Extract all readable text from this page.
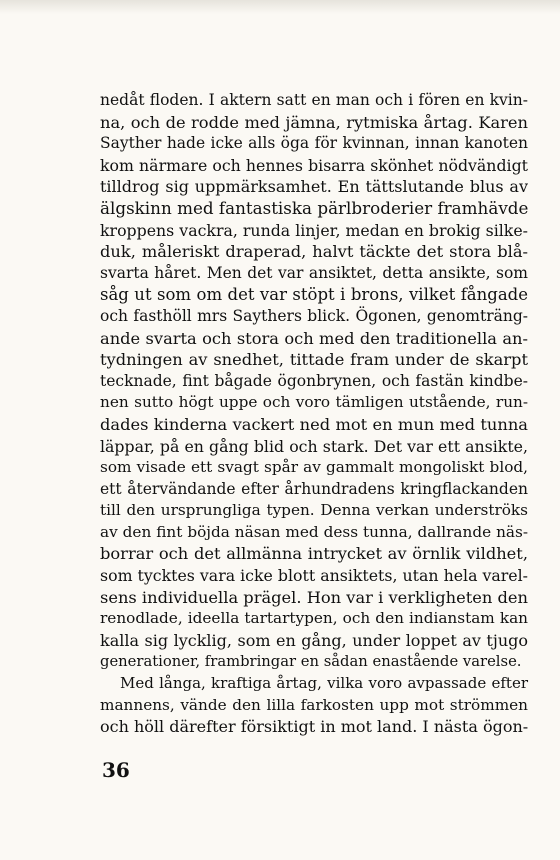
nedåt floden. I aktern satt en man och i fören en kvin-
na, och de rodde med jämna, rytmiska årtag. Karen
Sayther hade icke alls öga för kvinnan, innan kanoten
kom närmare och hennes bisarra skönhet nödvändigt
tilldrog sig uppmärksamhet. En tättslutande blus av
älgskinn med fantastiska pärlbroderier framhävde
kroppens vackra, runda linjer, medan en brokig silke-
duk, måleriskt draperad, halvt täckte det stora blå-
svarta håret. Men det var ansiktet, detta ansikte, som
såg ut som om det var stöpt i brons, vilket fångade
och fasthöll mrs Saythers blick. Ögonen, genomträng-
ande svarta och stora och med den traditionella an-
tydningen av snedhet, tittade fram under de skarpt
tecknade, fint bågade ögonbrynen, och fastän kindbe-
nen sutto högt uppe och voro tämligen utstående, run-
dades kinderna vackert ned mot en mun med tunna
läppar, på en gång blid och stark. Det var ett ansikte,
som visade ett svagt spår av gammalt mongoliskt blod,
ett återvändande efter århundradens kringflackanden
till den ursprungliga typen. Denna verkan underströks
av den fint böjda näsan med dess tunna, dallrande näs-
borrar och det allmänna intrycket av örnlik vildhet,
som tycktes vara icke blott ansiktets, utan hela varel-
sens individuella prägel. Hon var i verkligheten den
renodlade, ideella tartartypen, och den indianstam kan
kalla sig lycklig, som en gång, under loppet av tjugo
generationer, frambringar en sådan enastående varelse.
Med långa, kraftiga årtag, vilka voro avpassade efter
mannens, vände den lilla farkosten upp mot strömmen
och höll därefter försiktigt in mot land. I nästa ögon-
36
